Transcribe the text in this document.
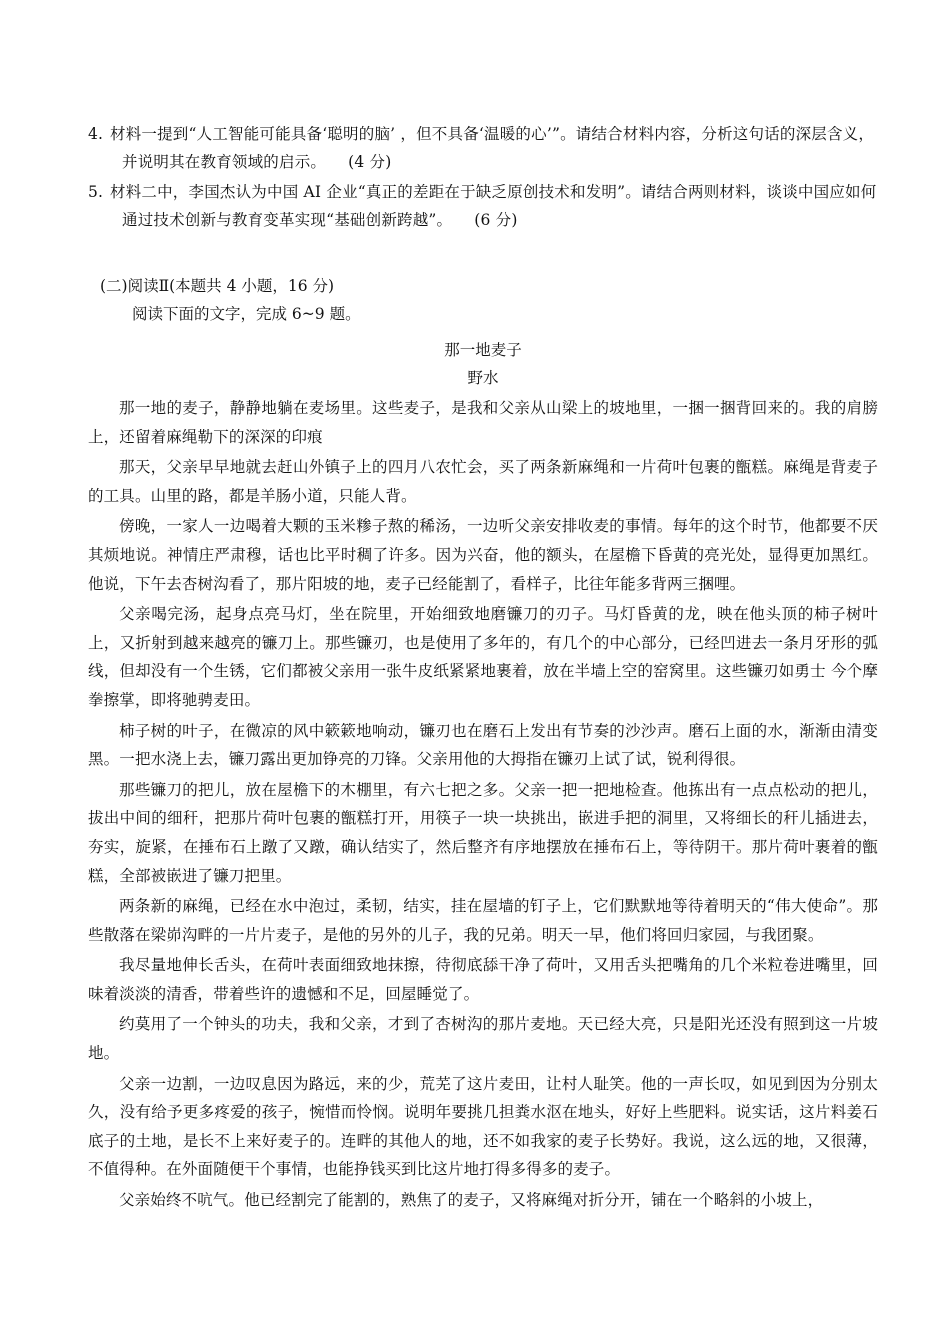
4. 材料一提到“人工智能可能具备‘聪明的脑’ ，但不具备‘温暖的心’”。请结合材料内容，分析这句话的深层含义，并说明其在教育领域的启示。 (4 分)
5. 材料二中，李国杰认为中国 AI 企业“真正的差距在于缺乏原创技术和发明”。请结合两则材料，谈谈中国应如何通过技术创新与教育变革实现“基础创新跨越”。 (6 分)
(二)阅读Ⅱ(本题共 4 小题，16 分)
阅读下面的文字，完成 6~9 题。
那一地麦子
野水

那一地的麦子，静静地躺在麦场里。这些麦子，是我和父亲从山梁上的坡地里，一捆一捆背回来的。我的肩膀上，还留着麻绳勒下的深深的印痕

那天，父亲早早地就去赶山外镇子上的四月八农忙会，买了两条新麻绳和一片荷叶包裹的甑糕。麻绳是背麦子的工具。山里的路，都是羊肠小道，只能人背。

傍晚，一家人一边喝着大颗的玉米糁子熬的稀汤，一边听父亲安排收麦的事情。每年的这个时节，他都要不厌其烦地说。神情庄严肃穆，话也比平时稠了许多。因为兴奋，他的额头，在屋檐下昏黄的亮光处，显得更加黑红。他说，下午去杏树沟看了，那片阳坡的地，麦子已经能割了，看样子，比往年能多背两三捆哩。

父亲喝完汤，起身点亮马灯，坐在院里，开始细致地磨镰刀的刃子。马灯昏黄的龙，映在他头顶的柿子树叶上，又折射到越来越亮的镰刀上。那些镰刃，也是使用了多年的，有几个的中心部分，已经凹进去一条月牙形的弧线，但却没有一个生锈，它们都被父亲用一张牛皮纸紧紧地裹着，放在半墙上空的窑窝里。这些镰刃如勇士 今个摩拳擦掌，即将驰骋麦田。

柿子树的叶子，在微凉的风中簌簌地响动，镰刃也在磨石上发出有节奏的沙沙声。磨石上面的水，渐渐由清变黑。一把水浇上去，镰刀露出更加铮亮的刀锋。父亲用他的大拇指在镰刃上试了试，锐利得很。

那些镰刀的把儿，放在屋檐下的木棚里，有六七把之多。父亲一把一把地检查。他拣出有一点点松动的把儿，拔出中间的细秆，把那片荷叶包裹的甑糕打开，用筷子一块一块挑出，嵌进手把的洞里，又将细长的秆儿插进去，夯实，旋紧，在捶布石上蹾了又蹾，确认结实了，然后整齐有序地摆放在捶布石上，等待阴干。那片荷叶裹着的甑糕，全部被嵌进了镰刀把里。

两条新的麻绳，已经在水中泡过，柔韧，结实，挂在屋墙的钉子上，它们默默地等待着明天的“伟大使命”。那些散落在梁峁沟畔的一片片麦子，是他的另外的儿子，我的兄弟。明天一早，他们将回归家园，与我团聚。

我尽量地伸长舌头，在荷叶表面细致地抹擦，待彻底舔干净了荷叶，又用舌头把嘴角的几个米粒卷进嘴里，回味着淡淡的清香，带着些许的遗憾和不足，回屋睡觉了。

约莫用了一个钟头的功夫，我和父亲，才到了杏树沟的那片麦地。天已经大亮，只是阳光还没有照到这一片坡地。

父亲一边割，一边叹息因为路远，来的少，荒芜了这片麦田，让村人耻笑。他的一声长叹，如见到因为分别太久，没有给予更多疼爱的孩子，惋惜而怜悯。说明年要挑几担粪水沤在地头，好好上些肥料。说实话，这片料姜石底子的土地，是长不上来好麦子的。连畔的其他人的地，还不如我家的麦子长势好。我说，这么远的地，又很薄，不值得种。在外面随便干个事情，也能挣钱买到比这片地打得多得多的麦子。

父亲始终不吭气。他已经割完了能割的，熟焦了的麦子，又将麻绳对折分开，铺在一个略斜的小坡上，
